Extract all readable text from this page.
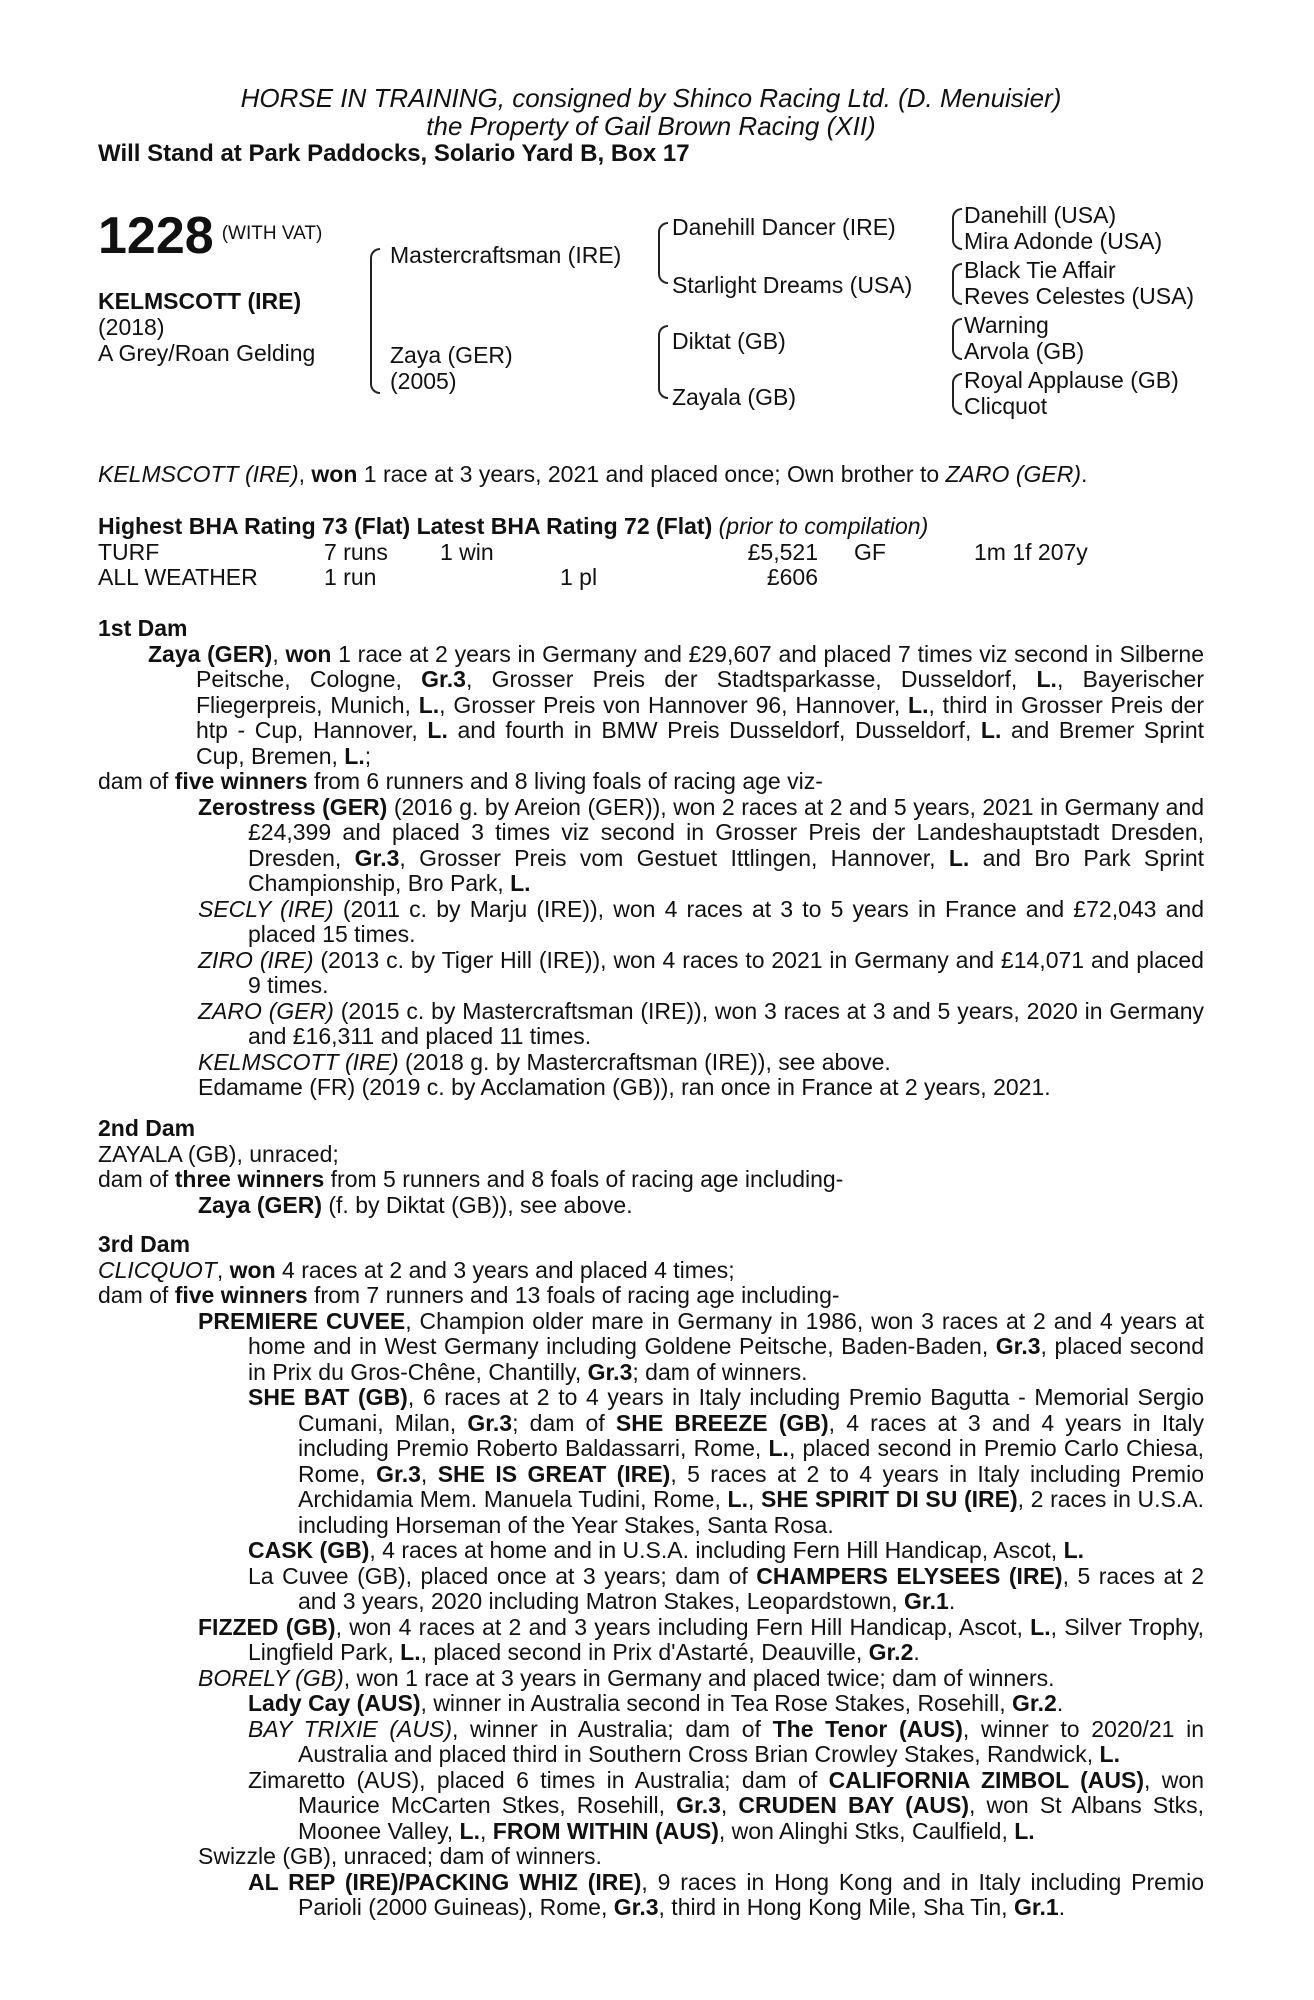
HORSE IN TRAINING, consigned by Shinco Racing Ltd. (D. Menuisier)
the Property of Gail Brown Racing (XII)
Will Stand at Park Paddocks, Solario Yard B, Box 17
1228 $^{(WITH VAT)}$
KELMSCOTT (IRE)
(2018)
A Grey/Roan Gelding
Mastercraftsman (IRE)
Zaya (GER)
(2005)
Danehill Dancer (IRE)
Starlight Dreams (USA)
Diktat (GB)
Zayala (GB)
Danehill (USA)
Mira Adonde (USA)
Black Tie Affair
Reves Celestes (USA)
Warning
Arvola (GB)
Royal Applause (GB)
Clicquot
KELMSCOTT (IRE), won 1 race at 3 years, 2021 and placed once; Own brother to ZARO (GER).
Highest BHA Rating 73 (Flat) Latest BHA Rating 72 (Flat) (prior to compilation)
TURF	7 runs	1 win		£5,521	GF	1m 1f 207y
ALL WEATHER	1 run		1 pl	£606		

1st Dam

Zaya (GER), won 1 race at 2 years in Germany and £29,607 and placed 7 times viz second in Silberne Peitsche, Cologne, Gr.3, Grosser Preis der Stadtsparkasse, Dusseldorf, L., Bayerischer Fliegerpreis, Munich, L., Grosser Preis von Hannover 96, Hannover, L., third in Grosser Preis der htp - Cup, Hannover, L. and fourth in BMW Preis Dusseldorf, Dusseldorf, L. and Bremer Sprint Cup, Bremen, L.;

dam of five winners from 6 runners and 8 living foals of racing age viz-

Zerostress (GER) (2016 g. by Areion (GER)), won 2 races at 2 and 5 years, 2021 in Germany and £24,399 and placed 3 times viz second in Grosser Preis der Landeshauptstadt Dresden, Dresden, Gr.3, Grosser Preis vom Gestuet Ittlingen, Hannover, L. and Bro Park Sprint Championship, Bro Park, L.

SECLY (IRE) (2011 c. by Marju (IRE)), won 4 races at 3 to 5 years in France and £72,043 and placed 15 times.

ZIRO (IRE) (2013 c. by Tiger Hill (IRE)), won 4 races to 2021 in Germany and £14,071 and placed 9 times.

ZARO (GER) (2015 c. by Mastercraftsman (IRE)), won 3 races at 3 and 5 years, 2020 in Germany and £16,311 and placed 11 times.

KELMSCOTT (IRE) (2018 g. by Mastercraftsman (IRE)), see above.

Edamame (FR) (2019 c. by Acclamation (GB)), ran once in France at 2 years, 2021.

2nd Dam

ZAYALA (GB), unraced;

dam of three winners from 5 runners and 8 foals of racing age including-

Zaya (GER) (f. by Diktat (GB)), see above.

3rd Dam

CLICQUOT, won 4 races at 2 and 3 years and placed 4 times;

dam of five winners from 7 runners and 13 foals of racing age including-

PREMIERE CUVEE, Champion older mare in Germany in 1986, won 3 races at 2 and 4 years at home and in West Germany including Goldene Peitsche, Baden-Baden, Gr.3, placed second in Prix du Gros-Chêne, Chantilly, Gr.3; dam of winners.

SHE BAT (GB), 6 races at 2 to 4 years in Italy including Premio Bagutta - Memorial Sergio Cumani, Milan, Gr.3; dam of SHE BREEZE (GB), 4 races at 3 and 4 years in Italy including Premio Roberto Baldassarri, Rome, L., placed second in Premio Carlo Chiesa, Rome, Gr.3, SHE IS GREAT (IRE), 5 races at 2 to 4 years in Italy including Premio Archidamia Mem. Manuela Tudini, Rome, L., SHE SPIRIT DI SU (IRE), 2 races in U.S.A. including Horseman of the Year Stakes, Santa Rosa.

CASK (GB), 4 races at home and in U.S.A. including Fern Hill Handicap, Ascot, L.

La Cuvee (GB), placed once at 3 years; dam of CHAMPERS ELYSEES (IRE), 5 races at 2 and 3 years, 2020 including Matron Stakes, Leopardstown, Gr.1.

FIZZED (GB), won 4 races at 2 and 3 years including Fern Hill Handicap, Ascot, L., Silver Trophy, Lingfield Park, L., placed second in Prix d'Astarté, Deauville, Gr.2.

BORELY (GB), won 1 race at 3 years in Germany and placed twice; dam of winners.

Lady Cay (AUS), winner in Australia second in Tea Rose Stakes, Rosehill, Gr.2.

BAY TRIXIE (AUS), winner in Australia; dam of The Tenor (AUS), winner to 2020/21 in Australia and placed third in Southern Cross Brian Crowley Stakes, Randwick, L.

Zimaretto (AUS), placed 6 times in Australia; dam of CALIFORNIA ZIMBOL (AUS), won Maurice McCarten Stkes, Rosehill, Gr.3, CRUDEN BAY (AUS), won St Albans Stks, Moonee Valley, L., FROM WITHIN (AUS), won Alinghi Stks, Caulfield, L.

Swizzle (GB), unraced; dam of winners.

AL REP (IRE)/PACKING WHIZ (IRE), 9 races in Hong Kong and in Italy including Premio Parioli (2000 Guineas), Rome, Gr.3, third in Hong Kong Mile, Sha Tin, Gr.1.
